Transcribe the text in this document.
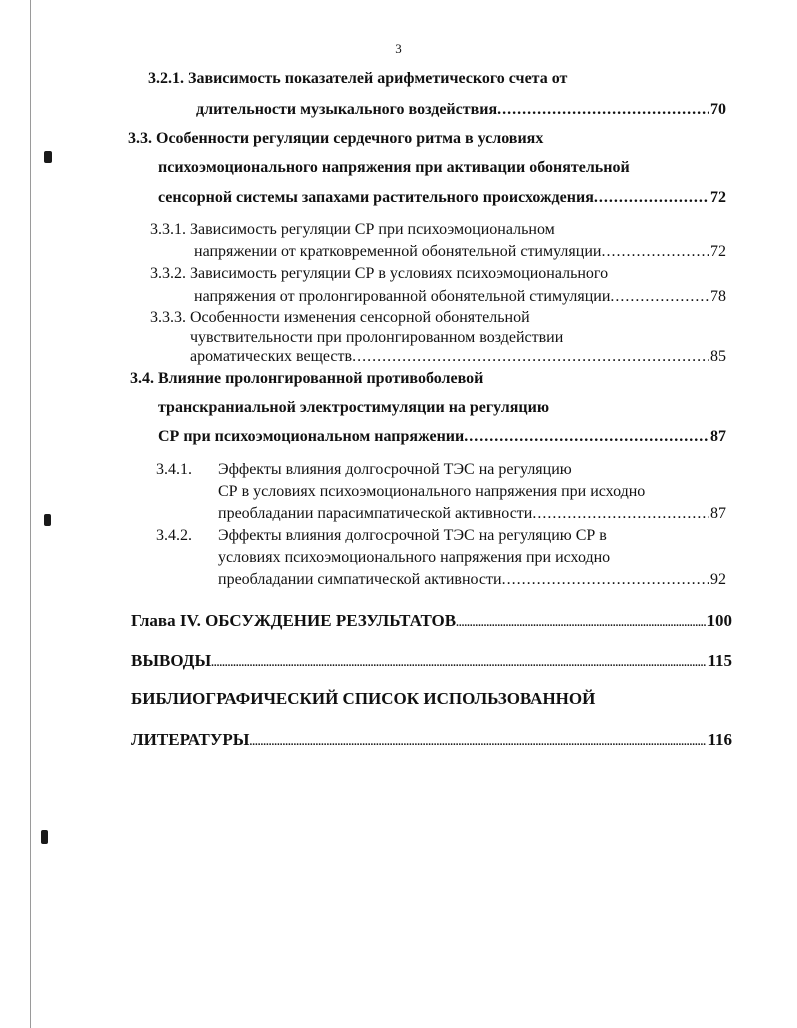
3
3.2.1. Зависимость показателей арифметического счета от
длительности музыкального воздействия .....	70
3.3. Особенности регуляции сердечного ритма в условиях
психоэмоционального напряжения при активации обонятельной
сенсорной системы запахами растительного происхождения .....	72
3.3.1. Зависимость регуляции СР при психоэмоциональном
напряжении от кратковременной обонятельной стимуляции .....	72
3.3.2. Зависимость регуляции СР в условиях психоэмоционального
напряжения от пролонгированной обонятельной стимуляции .....	78
3.3.3. Особенности изменения сенсорной обонятельной
чувствительности при пролонгированном воздействии
ароматических веществ .....	85
3.4. Влияние пролонгированной противоболевой
транскраниальной электростимуляции на регуляцию
СР при психоэмоциональном напряжении .....	87
3.4.1. Эффекты влияния долгосрочной ТЭС на регуляцию
СР в условиях психоэмоционального напряжения при исходно
преобладании парасимпатической активности .....	87
3.4.2. Эффекты влияния долгосрочной ТЭС на регуляцию СР в
условиях психоэмоционального напряжения при исходно
преобладании симпатической активности .....	92
Глава IV. ОБСУЖДЕНИЕ РЕЗУЛЬТАТОВ .....	100
ВЫВОДЫ .....	115
БИБЛИОГРАФИЧЕСКИЙ СПИСОК ИСПОЛЬЗОВАННОЙ
ЛИТЕРАТУРЫ .....	116
